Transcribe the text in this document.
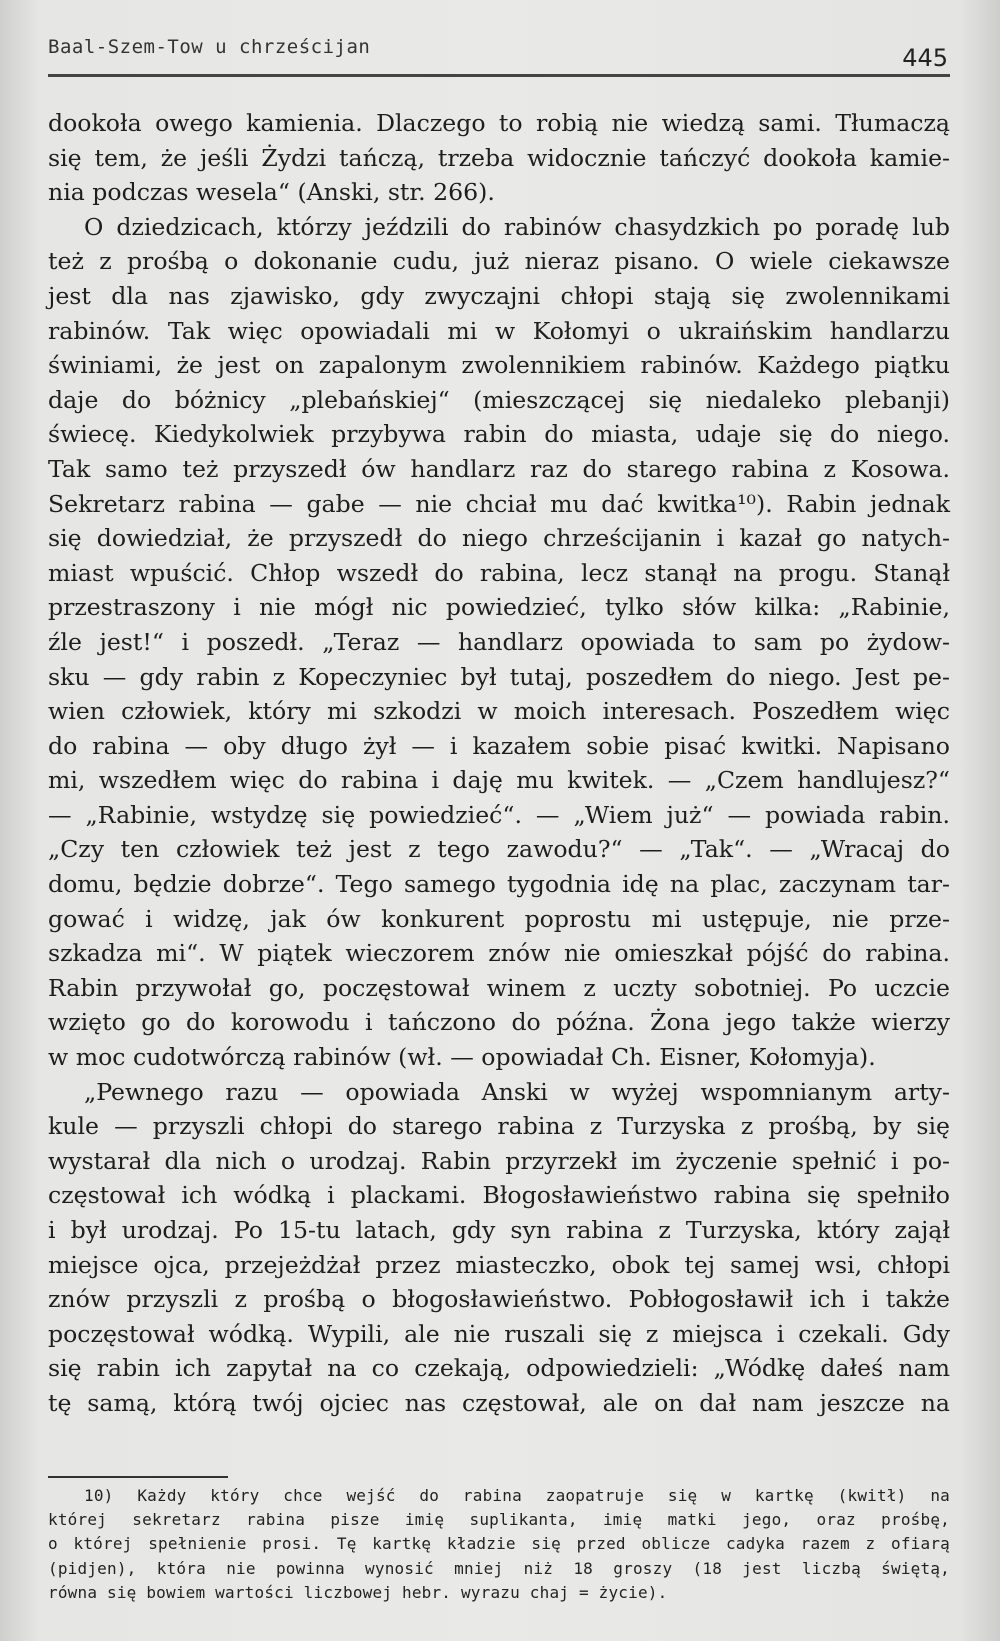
Baal-Szem-Tow u chrześcijan	445
dookoła owego kamienia. Dlaczego to robią nie wiedzą sami. Tłumaczą
się tem, że jeśli Żydzi tańczą, trzeba widocznie tańczyć dookoła kamie-
nia podczas wesela“ (Anski, str. 266).
O dziedzicach, którzy jeździli do rabinów chasydzkich po poradę lub
też z prośbą o dokonanie cudu, już nieraz pisano. O wiele ciekawsze
jest dla nas zjawisko, gdy zwyczajni chłopi stają się zwolennikami
rabinów. Tak więc opowiadali mi w Kołomyi o ukraińskim handlarzu
świniami, że jest on zapalonym zwolennikiem rabinów. Każdego piątku
daje do bóżnicy „plebańskiej“ (mieszczącej się niedaleko plebanji)
świecę. Kiedykolwiek przybywa rabin do miasta, udaje się do niego.
Tak samo też przyszedł ów handlarz raz do starego rabina z Kosowa.
Sekretarz rabina — gabe — nie chciał mu dać kwitka¹⁰). Rabin jednak
się dowiedział, że przyszedł do niego chrześcijanin i kazał go natych-
miast wpuścić. Chłop wszedł do rabina, lecz stanął na progu. Stanął
przestraszony i nie mógł nic powiedzieć, tylko słów kilka: „Rabinie,
źle jest!“ i poszedł. „Teraz — handlarz opowiada to sam po żydow-
sku — gdy rabin z Kopeczyniec był tutaj, poszedłem do niego. Jest pe-
wien człowiek, który mi szkodzi w moich interesach. Poszedłem więc
do rabina — oby długo żył — i kazałem sobie pisać kwitki. Napisano
mi, wszedłem więc do rabina i daję mu kwitek. — „Czem handlujesz?“
— „Rabinie, wstydzę się powiedzieć“. — „Wiem już“ — powiada rabin.
„Czy ten człowiek też jest z tego zawodu?“ — „Tak“. — „Wracaj do
domu, będzie dobrze“. Tego samego tygodnia idę na plac, zaczynam tar-
gować i widzę, jak ów konkurent poprostu mi ustępuje, nie prze-
szkadza mi“. W piątek wieczorem znów nie omieszkał pójść do rabina.
Rabin przywołał go, poczęstował winem z uczty sobotniej. Po uczcie
wzięto go do korowodu i tańczono do późna. Żona jego także wierzy
w moc cudotwórczą rabinów (wł. — opowiadał Ch. Eisner, Kołomyja).
„Pewnego razu — opowiada Anski w wyżej wspomnianym arty-
kule — przyszli chłopi do starego rabina z Turzyska z prośbą, by się
wystarał dla nich o urodzaj. Rabin przyrzekł im życzenie spełnić i po-
częstował ich wódką i plackami. Błogosławieństwo rabina się spełniło
i był urodzaj. Po 15-tu latach, gdy syn rabina z Turzyska, który zajął
miejsce ojca, przejeżdżał przez miasteczko, obok tej samej wsi, chłopi
znów przyszli z prośbą o błogosławieństwo. Pobłogosławił ich i także
poczęstował wódką. Wypili, ale nie ruszali się z miejsca i czekali. Gdy
się rabin ich zapytał na co czekają, odpowiedzieli: „Wódkę dałeś nam
tę samą, którą twój ojciec nas częstował, ale on dał nam jeszcze na
10) Każdy który chce wejść do rabina zaopatruje się w kartkę (kwitł) na
której sekretarz rabina pisze imię suplikanta, imię matki jego, oraz prośbę,
o której spełnienie prosi. Tę kartkę kładzie się przed oblicze cadyka razem z ofiarą
(pidjen), która nie powinna wynosić mniej niż 18 groszy (18 jest liczbą świętą,
równa się bowiem wartości liczbowej hebr. wyrazu chaj = życie).
